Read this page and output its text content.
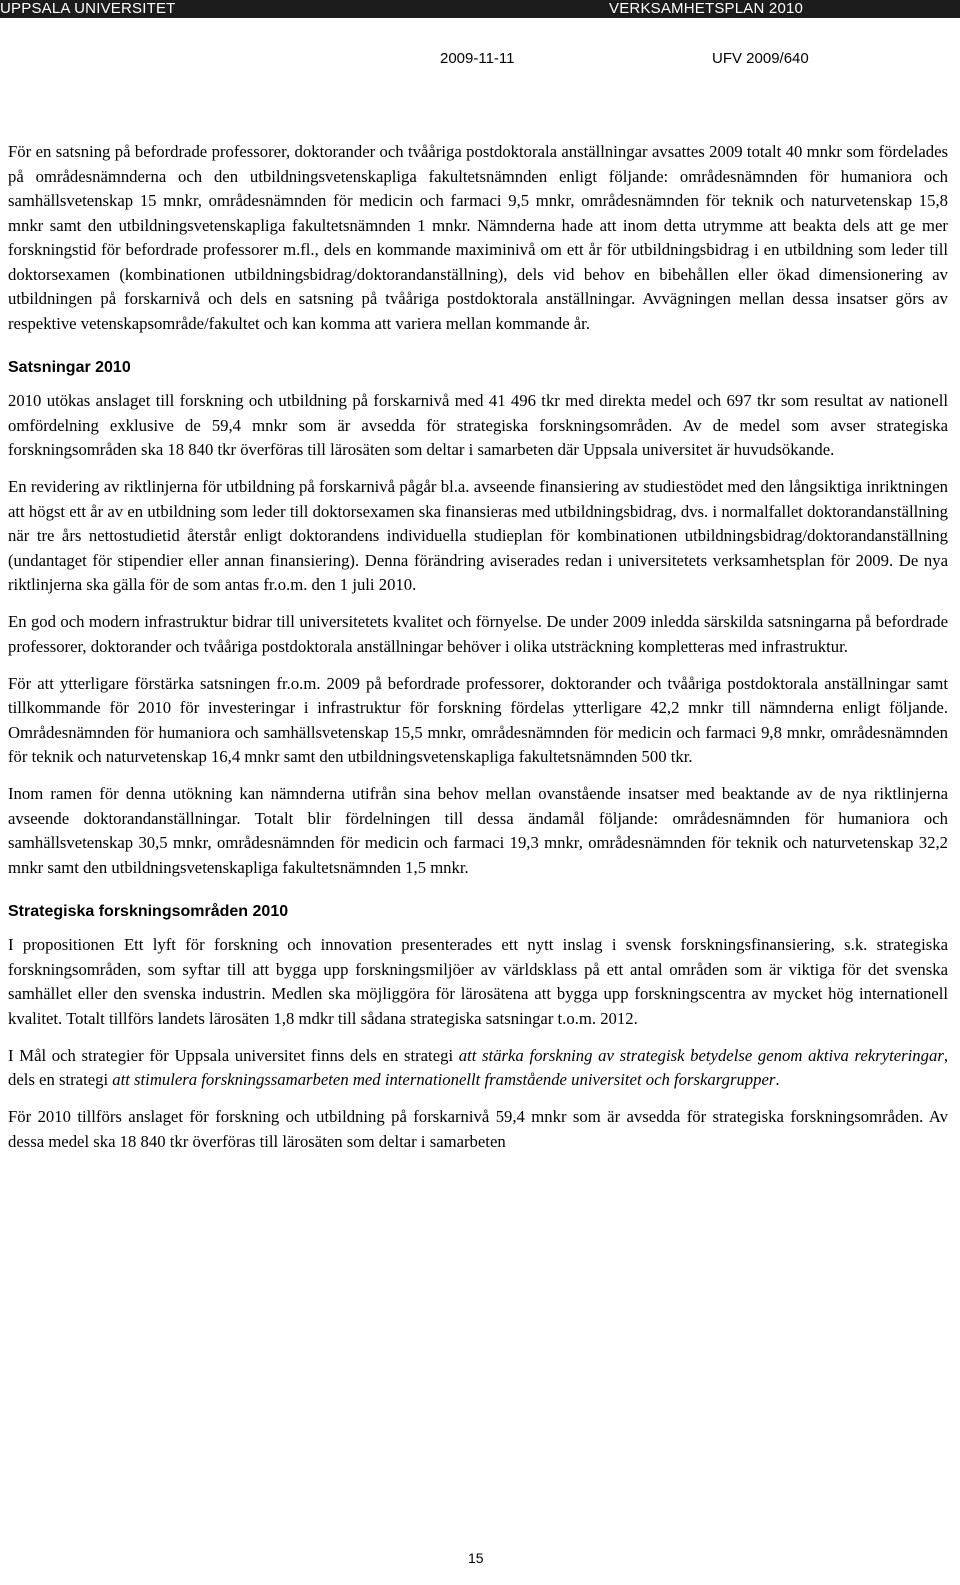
UPPSALA UNIVERSITET	VERKSAMHETSPLAN 2010
2009-11-11	UFV 2009/640

För en satsning på befordrade professorer, doktorander och tvååriga postdoktorala anställningar avsattes 2009 totalt 40 mnkr som fördelades på områdesnämnderna och den utbildningsvetenskapliga fakultetsnämnden enligt följande: områdesnämnden för humaniora och samhällsvetenskap 15 mnkr, områdesnämnden för medicin och farmaci 9,5 mnkr, områdesnämnden för teknik och naturvetenskap 15,8 mnkr samt den utbildningsvetenskapliga fakultetsnämnden 1 mnkr. Nämnderna hade att inom detta utrymme att beakta dels att ge mer forskningstid för befordrade professorer m.fl., dels en kommande maximinivå om ett år för utbildningsbidrag i en utbildning som leder till doktorsexamen (kombinationen utbildningsbidrag/doktorandanställning), dels vid behov en bibehållen eller ökad dimensionering av utbildningen på forskarnivå och dels en satsning på tvååriga postdoktorala anställningar. Avvägningen mellan dessa insatser görs av respektive vetenskapsområde/fakultet och kan komma att variera mellan kommande år.

Satsningar 2010

2010 utökas anslaget till forskning och utbildning på forskarnivå med 41 496 tkr med direkta medel och 697 tkr som resultat av nationell omfördelning exklusive de 59,4 mnkr som är avsedda för strategiska forskningsområden. Av de medel som avser strategiska forskningsområden ska 18 840 tkr överföras till lärosäten som deltar i samarbeten där Uppsala universitet är huvudsökande.

En revidering av riktlinjerna för utbildning på forskarnivå pågår bl.a. avseende finansiering av studiestödet med den långsiktiga inriktningen att högst ett år av en utbildning som leder till doktorsexamen ska finansieras med utbildningsbidrag, dvs. i normalfallet doktorandanställning när tre års nettostudietid återstår enligt doktorandens individuella studieplan för kombinationen utbildningsbidrag/doktorandanställning (undantaget för stipendier eller annan finansiering). Denna förändring aviserades redan i universitetets verksamhetsplan för 2009. De nya riktlinjerna ska gälla för de som antas fr.o.m. den 1 juli 2010.

En god och modern infrastruktur bidrar till universitetets kvalitet och förnyelse. De under 2009 inledda särskilda satsningarna på befordrade professorer, doktorander och tvååriga postdoktorala anställningar behöver i olika utsträckning kompletteras med infrastruktur.

För att ytterligare förstärka satsningen fr.o.m. 2009 på befordrade professorer, doktorander och tvååriga postdoktorala anställningar samt tillkommande för 2010 för investeringar i infrastruktur för forskning fördelas ytterligare 42,2 mnkr till nämnderna enligt följande. Områdesnämnden för humaniora och samhällsvetenskap 15,5 mnkr, områdesnämnden för medicin och farmaci 9,8 mnkr, områdesnämnden för teknik och naturvetenskap 16,4 mnkr samt den utbildningsvetenskapliga fakultetsnämnden 500 tkr.

Inom ramen för denna utökning kan nämnderna utifrån sina behov mellan ovanstående insatser med beaktande av de nya riktlinjerna avseende doktorandanställningar. Totalt blir fördelningen till dessa ändamål följande: områdesnämnden för humaniora och samhällsvetenskap 30,5 mnkr, områdesnämnden för medicin och farmaci 19,3 mnkr, områdesnämnden för teknik och naturvetenskap 32,2 mnkr samt den utbildningsvetenskapliga fakultetsnämnden 1,5 mnkr.

Strategiska forskningsområden 2010

I propositionen Ett lyft för forskning och innovation presenterades ett nytt inslag i svensk forskningsfinansiering, s.k. strategiska forskningsområden, som syftar till att bygga upp forskningsmiljöer av världsklass på ett antal områden som är viktiga för det svenska samhället eller den svenska industrin. Medlen ska möjliggöra för lärosätena att bygga upp forskningscentra av mycket hög internationell kvalitet. Totalt tillförs landets lärosäten 1,8 mdkr till sådana strategiska satsningar t.o.m. 2012.

I Mål och strategier för Uppsala universitet finns dels en strategi att stärka forskning av strategisk betydelse genom aktiva rekryteringar, dels en strategi att stimulera forskningssamarbeten med internationellt framstående universitet och forskargrupper.

För 2010 tillförs anslaget för forskning och utbildning på forskarnivå 59,4 mnkr som är avsedda för strategiska forskningsområden. Av dessa medel ska 18 840 tkr överföras till lärosäten som deltar i samarbeten

15
